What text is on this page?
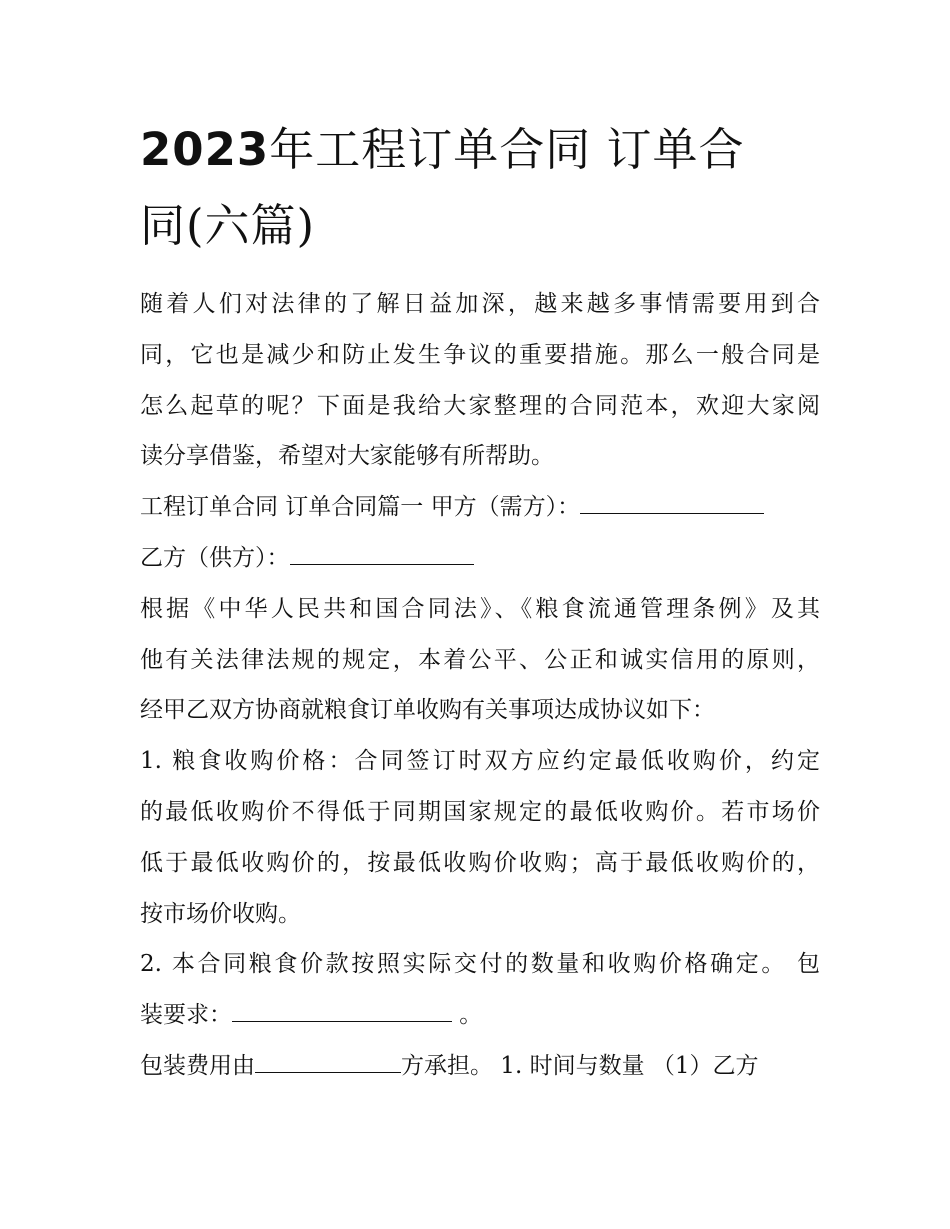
2023年工程订单合同 订单合
同(六篇)
随着人们对法律的了解日益加深，越来越多事情需要用到合
同，它也是减少和防止发生争议的重要措施。那么一般合同是
怎么起草的呢？下面是我给大家整理的合同范本，欢迎大家阅
读分享借鉴，希望对大家能够有所帮助。
工程订单合同 订单合同篇一 甲方（需方）：
乙方（供方）：
根据《中华人民共和国合同法》、《粮食流通管理条例》及其
他有关法律法规的规定，本着公平、公正和诚实信用的原则，
经甲乙双方协商就粮食订单收购有关事项达成协议如下：
1. 粮食收购价格：合同签订时双方应约定最低收购价，约定
的最低收购价不得低于同期国家规定的最低收购价。若市场价
低于最低收购价的，按最低收购价收购；高于最低收购价的，
按市场价收购。
2. 本合同粮食价款按照实际交付的数量和收购价格确定。 包
装要求：	。
包装费用由	方承担。 1. 时间与数量 （1）乙方
